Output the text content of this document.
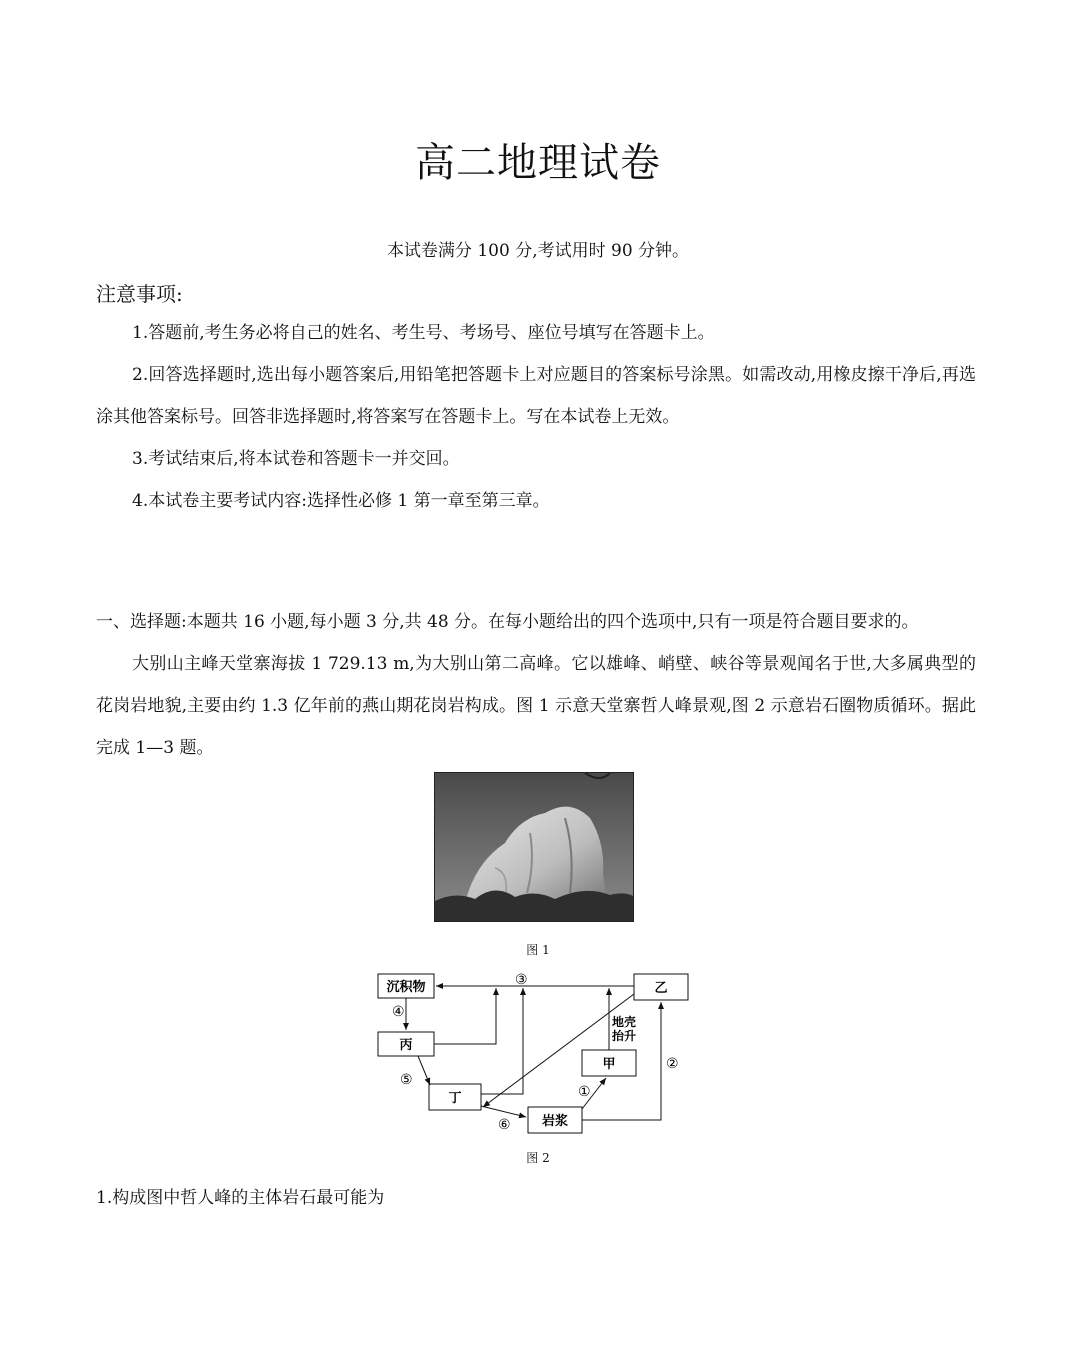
高二地理试卷
本试卷满分 100 分,考试用时 90 分钟。
注意事项:
1.答题前,考生务必将自己的姓名、考生号、考场号、座位号填写在答题卡上。
2.回答选择题时,选出每小题答案后,用铅笔把答题卡上对应题目的答案标号涂黑。如需改动,用橡皮擦干净后,再选涂其他答案标号。回答非选择题时,将答案写在答题卡上。写在本试卷上无效。
3.考试结束后,将本试卷和答题卡一并交回。
4.本试卷主要考试内容:选择性必修 1 第一章至第三章。
一、选择题:本题共 16 小题,每小题 3 分,共 48 分。在每小题给出的四个选项中,只有一项是符合题目要求的。
大别山主峰天堂寨海拔 1 729.13 m,为大别山第二高峰。它以雄峰、峭壁、峡谷等景观闻名于世,大多属典型的花岗岩地貌,主要由约 1.3 亿年前的燕山期花岗岩构成。图 1 示意天堂寨哲人峰景观,图 2 示意岩石圈物质循环。据此完成 1—3 题。
图 1
沉积物
丙
丁
岩浆
甲
乙
地壳
抬升
①
②
③
④
⑤
⑥
图 2
1.构成图中哲人峰的主体岩石最可能为
